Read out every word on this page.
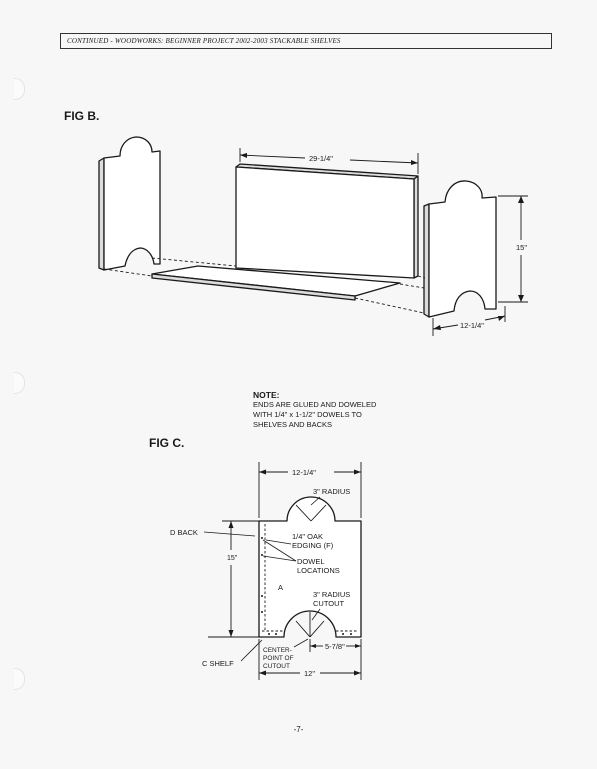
CONTINUED - WOODWORKS: BEGINNER PROJECT 2002-2003 STACKABLE SHELVES
FIG B.
29-1/4"
15"
12-1/4"
NOTE:
ENDS ARE GLUED AND DOWELED
WITH 1/4" x 1-1/2" DOWELS TO
SHELVES AND BACKS
FIG C.
12-1/4"
3" RADIUS
15"
D BACK	1/4" OAK
EDGING (F)
DOWEL
LOCATIONS
A
3" RADIUS
CUTOUT
C SHELF
CENTER-
POINT OF
CUTOUT
5-7/8"
12"
-7-
